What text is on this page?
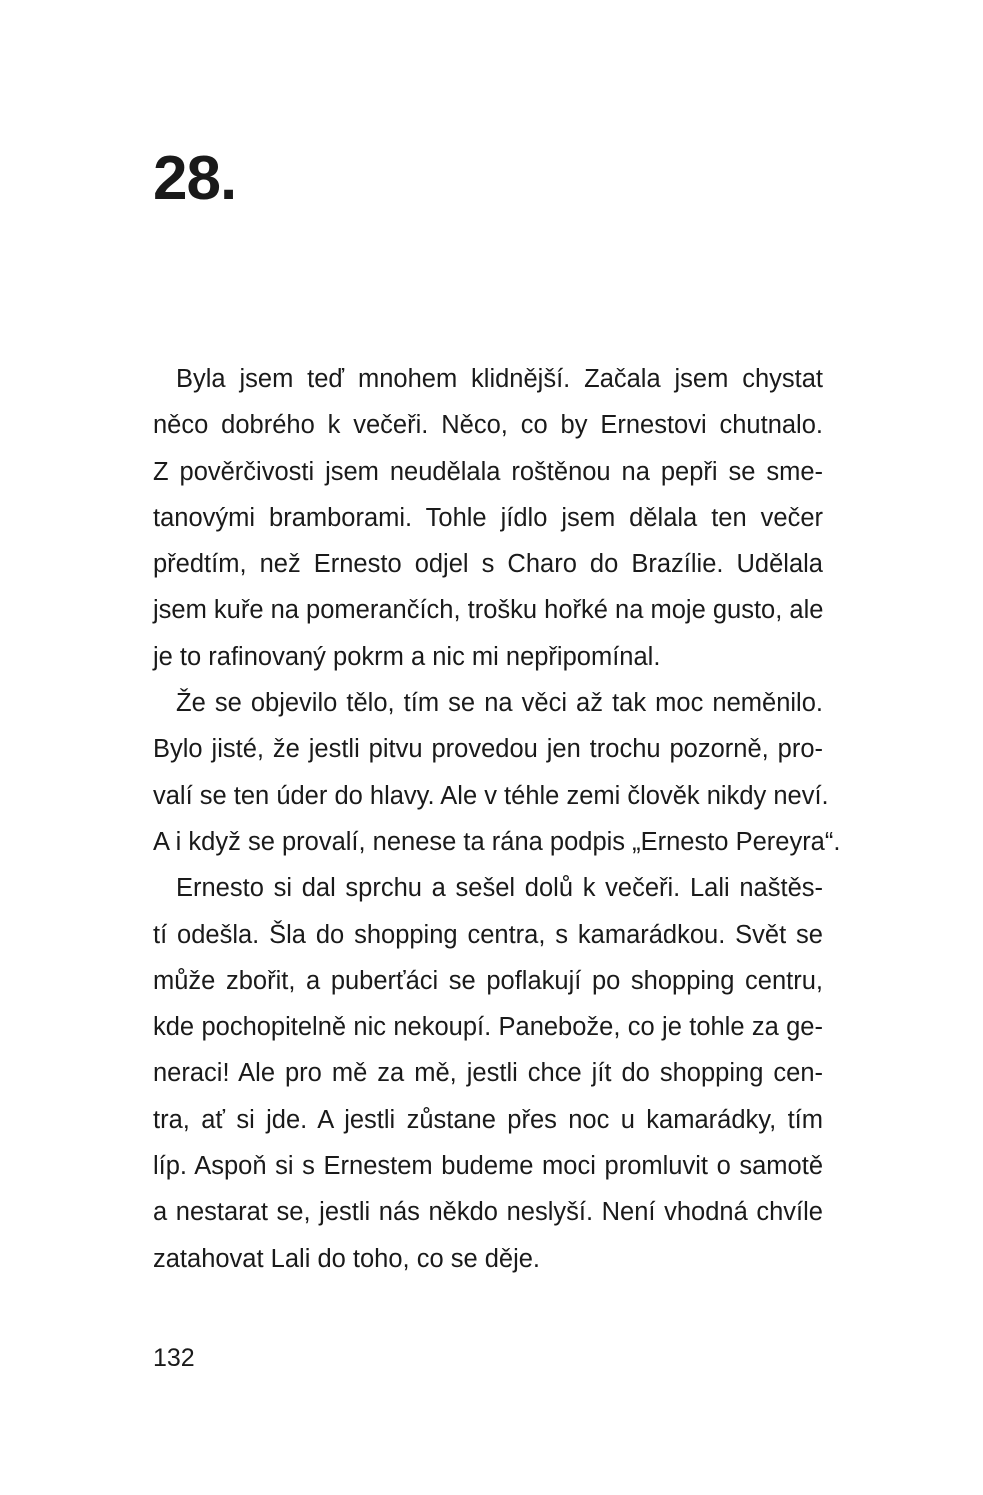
28.
Byla jsem teď mnohem klidnější. Začala jsem chystat
něco dobrého k večeři. Něco, co by Ernestovi chutnalo.
Z pověrčivosti jsem neudělala roštěnou na pepři se sme-
tanovými bramborami. Tohle jídlo jsem dělala ten večer
předtím, než Ernesto odjel s Charo do Brazílie. Udělala
jsem kuře na pomerančích, trošku hořké na moje gusto, ale
je to rafinovaný pokrm a nic mi nepřipomínal.
Že se objevilo tělo, tím se na věci až tak moc neměnilo.
Bylo jisté, že jestli pitvu provedou jen trochu pozorně, pro-
valí se ten úder do hlavy. Ale v téhle zemi člověk nikdy neví.
A i když se provalí, nenese ta rána podpis „Ernesto Pereyra“.
Ernesto si dal sprchu a sešel dolů k večeři. Lali naštěs-
tí odešla. Šla do shopping centra, s kamarádkou. Svět se
může zbořit, a puberťáci se poflakují po shopping centru,
kde pochopitelně nic nekoupí. Panebože, co je tohle za ge-
neraci! Ale pro mě za mě, jestli chce jít do shopping cen-
tra, ať si jde. A jestli zůstane přes noc u kamarádky, tím
líp. Aspoň si s Ernestem budeme moci promluvit o samotě
a nestarat se, jestli nás někdo neslyší. Není vhodná chvíle
zatahovat Lali do toho, co se děje.
132
